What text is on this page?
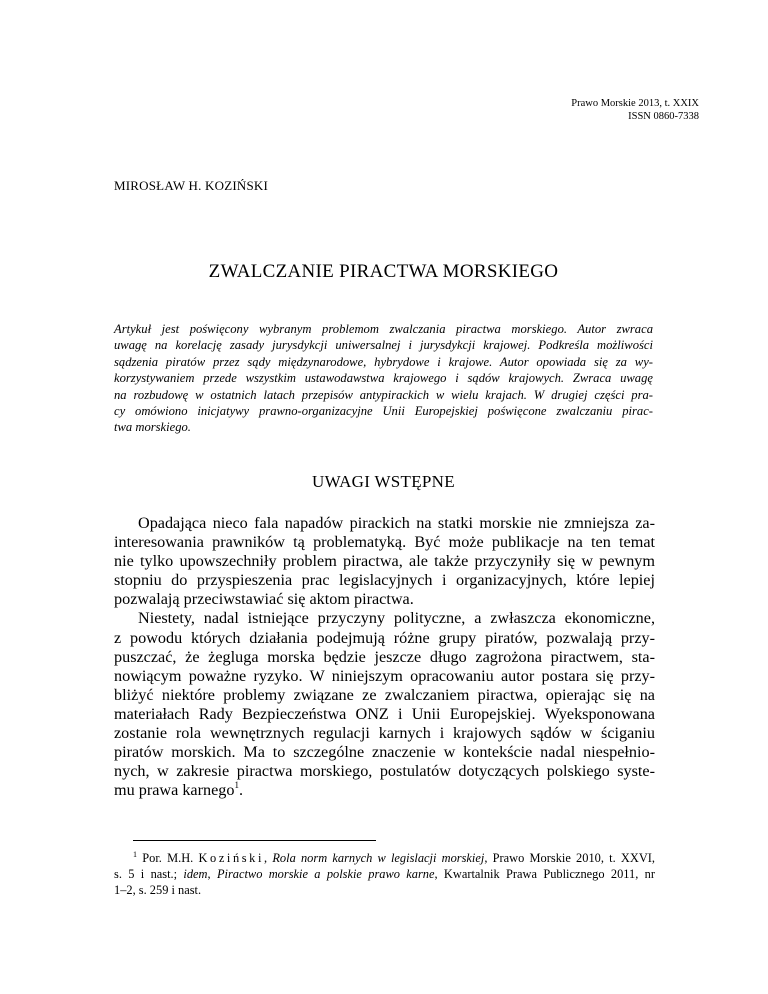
Prawo Morskie 2013, t. XXIX
ISSN 0860-7338
MIROSŁAW H. KOZIŃSKI
ZWALCZANIE PIRACTWA MORSKIEGO
Artykuł jest poświęcony wybranym problemom zwalczania piractwa morskiego. Autor zwraca
uwagę na korelację zasady jurysdykcji uniwersalnej i jurysdykcji krajowej. Podkreśla możliwości
sądzenia piratów przez sądy międzynarodowe, hybrydowe i krajowe. Autor opowiada się za wy-
korzystywaniem przede wszystkim ustawodawstwa krajowego i sądów krajowych. Zwraca uwagę
na rozbudowę w ostatnich latach przepisów antypirackich w wielu krajach. W drugiej części pra-
cy omówiono inicjatywy prawno-organizacyjne Unii Europejskiej poświęcone zwalczaniu pirac-
twa morskiego.
UWAGI WSTĘPNE
Opadająca nieco fala napadów pirackich na statki morskie nie zmniejsza za-
interesowania prawników tą problematyką. Być może publikacje na ten temat
nie tylko upowszechniły problem piractwa, ale także przyczyniły się w pewnym
stopniu do przyspieszenia prac legislacyjnych i organizacyjnych, które lepiej
pozwalają przeciwstawiać się aktom piractwa.
Niestety, nadal istniejące przyczyny polityczne, a zwłaszcza ekonomiczne,
z powodu których działania podejmują różne grupy piratów, pozwalają przy-
puszczać, że żegluga morska będzie jeszcze długo zagrożona piractwem, sta-
nowiącym poważne ryzyko. W niniejszym opracowaniu autor postara się przy-
bliżyć niektóre problemy związane ze zwalczaniem piractwa, opierając się na
materiałach Rady Bezpieczeństwa ONZ i Unii Europejskiej. Wyeksponowana
zostanie rola wewnętrznych regulacji karnych i krajowych sądów w ściganiu
piratów morskich. Ma to szczególne znaczenie w kontekście nadal niespełnio-
nych, w zakresie piractwa morskiego, postulatów dotyczących polskiego syste-
mu prawa karnego$^1$.
$^1$ Por. M.H. Koziński, Rola norm karnych w legislacji morskiej, Prawo Morskie 2010, t. XXVI,
s. 5 i nast.; idem, Piractwo morskie a polskie prawo karne, Kwartalnik Prawa Publicznego 2011, nr
1–2, s. 259 i nast.
